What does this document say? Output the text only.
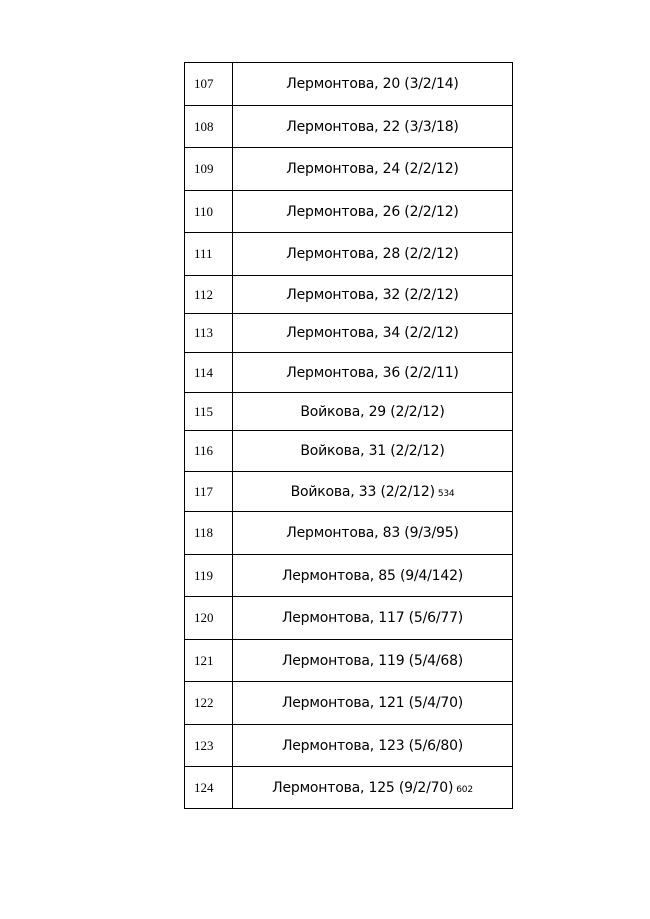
107	Лермонтова, 20 (3/2/14)
108	Лермонтова, 22 (3/3/18)
109	Лермонтова, 24 (2/2/12)
110	Лермонтова, 26 (2/2/12)
111	Лермонтова, 28 (2/2/12)
112	Лермонтова, 32 (2/2/12)
113	Лермонтова, 34 (2/2/12)
114	Лермонтова, 36 (2/2/11)
115	Войкова, 29 (2/2/12)
116	Войкова, 31 (2/2/12)
117	Войкова, 33 (2/2/12) 534
118	Лермонтова, 83 (9/3/95)
119	Лермонтова, 85 (9/4/142)
120	Лермонтова, 117 (5/6/77)
121	Лермонтова, 119 (5/4/68)
122	Лермонтова, 121 (5/4/70)
123	Лермонтова, 123 (5/6/80)
124	Лермонтова, 125 (9/2/70) 602
